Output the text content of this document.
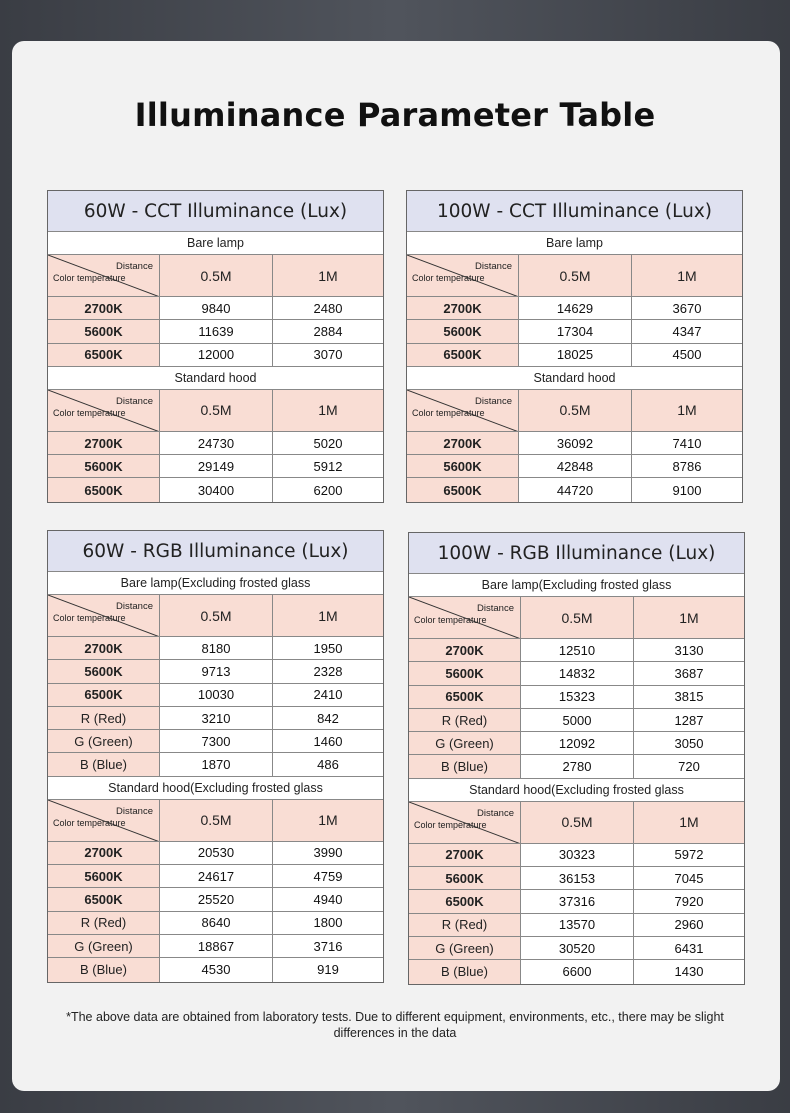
Illuminance Parameter Table
60W - CCT Illuminance (Lux)
Bare lamp
Distance
Color temperature	0.5M	1M
2700K	9840	2480
5600K	11639	2884
6500K	12000	3070
Standard hood
Distance
Color temperature	0.5M	1M
2700K	24730	5020
5600K	29149	5912
6500K	30400	6200
100W - CCT Illuminance (Lux)
Bare lamp
Distance
Color temperature	0.5M	1M
2700K	14629	3670
5600K	17304	4347
6500K	18025	4500
Standard hood
Distance
Color temperature	0.5M	1M
2700K	36092	7410
5600K	42848	8786
6500K	44720	9100
60W - RGB Illuminance (Lux)
Bare lamp(Excluding frosted glass
Distance
Color temperature	0.5M	1M
2700K	8180	1950
5600K	9713	2328
6500K	10030	2410
R (Red)	3210	842
G (Green)	7300	1460
B (Blue)	1870	486
Standard hood(Excluding frosted glass
Distance
Color temperature	0.5M	1M
2700K	20530	3990
5600K	24617	4759
6500K	25520	4940
R (Red)	8640	1800
G (Green)	18867	3716
B (Blue)	4530	919
100W - RGB Illuminance (Lux)
Bare lamp(Excluding frosted glass
Distance
Color temperature	0.5M	1M
2700K	12510	3130
5600K	14832	3687
6500K	15323	3815
R (Red)	5000	1287
G (Green)	12092	3050
B (Blue)	2780	720
Standard hood(Excluding frosted glass
Distance
Color temperature	0.5M	1M
2700K	30323	5972
5600K	36153	7045
6500K	37316	7920
R (Red)	13570	2960
G (Green)	30520	6431
B (Blue)	6600	1430
*The above data are obtained from laboratory tests. Due to different equipment, environments, etc., there may be slight differences in the data
